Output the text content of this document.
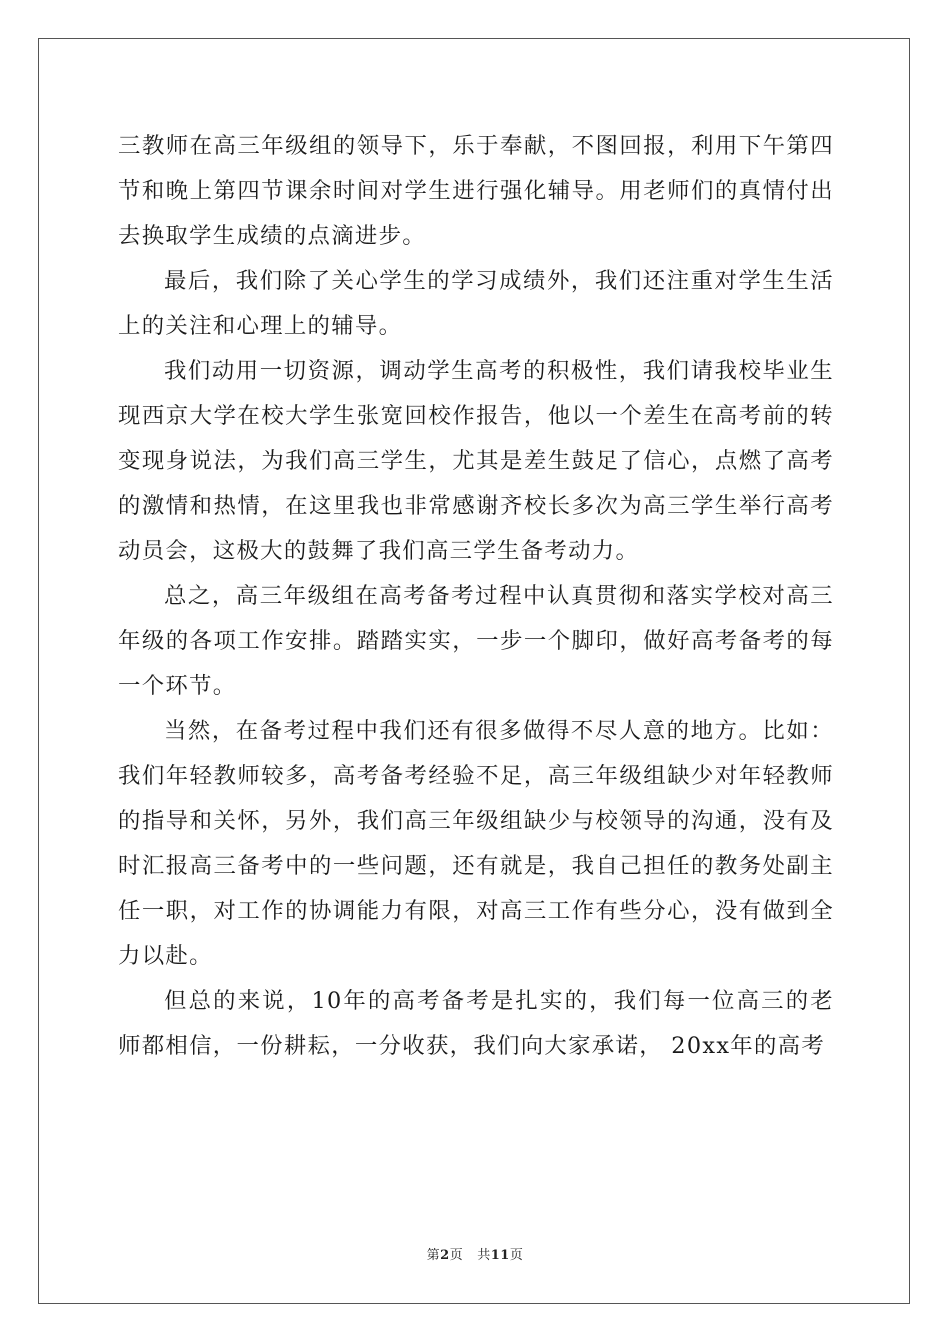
三教师在高三年级组的领导下，乐于奉献，不图回报，利用下午第四节和晚上第四节课余时间对学生进行强化辅导。用老师们的真情付出去换取学生成绩的点滴进步。

最后，我们除了关心学生的学习成绩外，我们还注重对学生生活上的关注和心理上的辅导。

我们动用一切资源，调动学生高考的积极性，我们请我校毕业生现西京大学在校大学生张宽回校作报告，他以一个差生在高考前的转变现身说法，为我们高三学生，尤其是差生鼓足了信心，点燃了高考的激情和热情，在这里我也非常感谢齐校长多次为高三学生举行高考动员会，这极大的鼓舞了我们高三学生备考动力。

总之，高三年级组在高考备考过程中认真贯彻和落实学校对高三年级的各项工作安排。踏踏实实，一步一个脚印，做好高考备考的每一个环节。

当然，在备考过程中我们还有很多做得不尽人意的地方。比如：我们年轻教师较多，高考备考经验不足，高三年级组缺少对年轻教师的指导和关怀，另外，我们高三年级组缺少与校领导的沟通，没有及时汇报高三备考中的一些问题，还有就是，我自己担任的教务处副主任一职，对工作的协调能力有限，对高三工作有些分心，没有做到全力以赴。

但总的来说，10年的高考备考是扎实的，我们每一位高三的老师都相信，一份耕耘，一分收获，我们向大家承诺， 20xx年的高考

第2页 共11页
